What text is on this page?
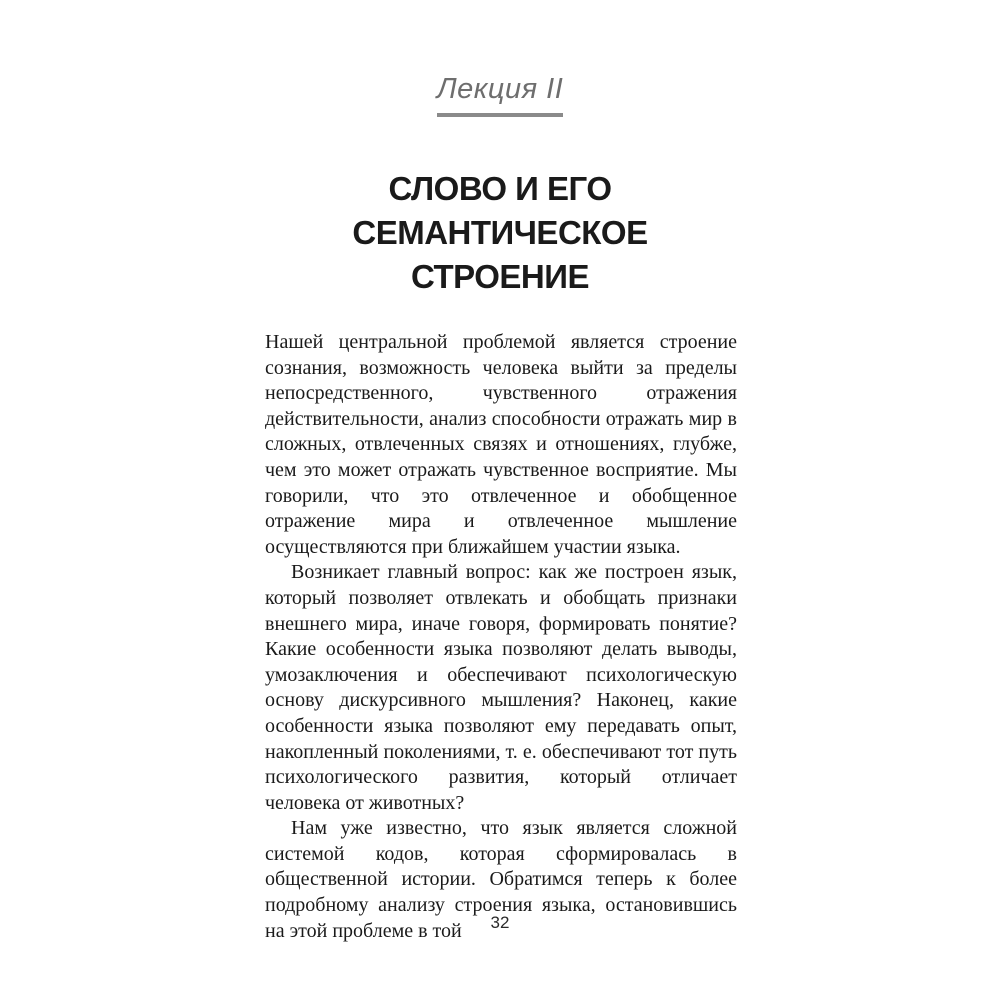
Лекция II
СЛОВО И ЕГО
СЕМАНТИЧЕСКОЕ
СТРОЕНИЕ

Нашей центральной проблемой является строение сознания, возможность человека выйти за пределы непосредственного, чувственного отражения действительности, анализ способности отражать мир в сложных, отвлеченных связях и отношениях, глубже, чем это может отражать чувственное восприятие. Мы говорили, что это отвлеченное и обобщенное отражение мира и отвлеченное мышление осуществляются при ближайшем участии языка.

Возникает главный вопрос: как же построен язык, который позволяет отвлекать и обобщать признаки внешнего мира, иначе говоря, формировать понятие? Какие особенности языка позволяют делать выводы, умозаключения и обеспечивают психологическую основу дискурсивного мышления? Наконец, какие особенности языка позволяют ему передавать опыт, накопленный поколениями, т. е. обеспечивают тот путь психологического развития, который отличает человека от животных?

Нам уже известно, что язык является сложной системой кодов, которая сформировалась в общественной истории. Обратимся теперь к более подробному анализу строения языка, остановившись на этой проблеме в той	32
